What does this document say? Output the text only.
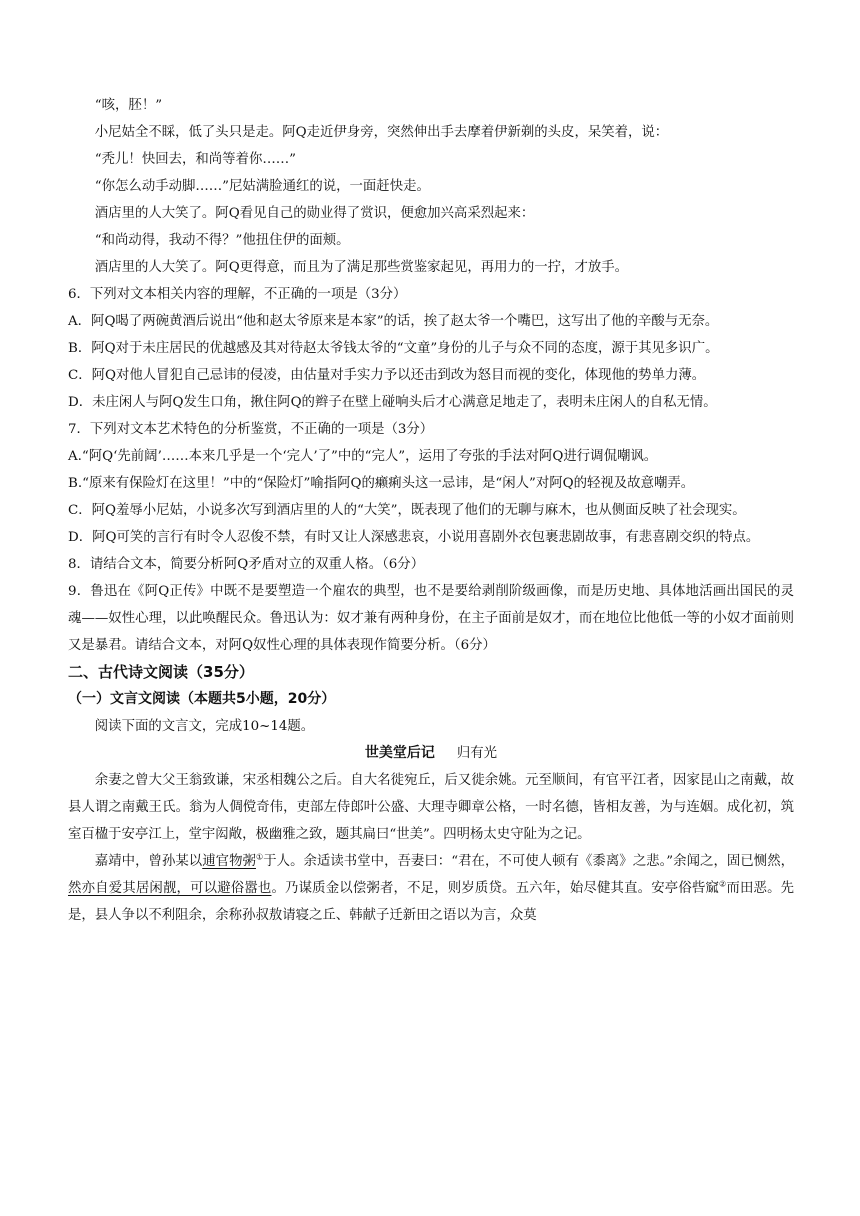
“咳，胚！”

小尼姑全不睬，低了头只是走。阿Q走近伊身旁，突然伸出手去摩着伊新剃的头皮，呆笑着，说：

“秃儿！快回去，和尚等着你……”

“你怎么动手动脚……”尼姑满脸通红的说，一面赶快走。

酒店里的人大笑了。阿Q看见自己的勋业得了赏识，便愈加兴高采烈起来：

“和尚动得，我动不得？”他扭住伊的面颊。

酒店里的人大笑了。阿Q更得意，而且为了满足那些赏鉴家起见，再用力的一拧，才放手。

6．下列对文本相关内容的理解，不正确的一项是（3分）

A．阿Q喝了两碗黄酒后说出“他和赵太爷原来是本家”的话，挨了赵太爷一个嘴巴，这写出了他的辛酸与无奈。

B．阿Q对于未庄居民的优越感及其对待赵太爷钱太爷的“文童”身份的儿子与众不同的态度，源于其见多识广。

C．阿Q对他人冒犯自己忌讳的侵凌，由估量对手实力予以还击到改为怒目而视的变化，体现他的势单力薄。

D．未庄闲人与阿Q发生口角，揪住阿Q的辫子在壁上碰响头后才心满意足地走了，表明未庄闲人的自私无情。

7．下列对文本艺术特色的分析鉴赏，不正确的一项是（3分）

A.“阿Q‘先前阔’……本来几乎是一个‘完人’了”中的“完人”，运用了夸张的手法对阿Q进行调侃嘲讽。

B.“原来有保险灯在这里！”中的“保险灯”喻指阿Q的癞痢头这一忌讳，是“闲人”对阿Q的轻视及故意嘲弄。

C．阿Q羞辱小尼姑，小说多次写到酒店里的人的“大笑”，既表现了他们的无聊与麻木，也从侧面反映了社会现实。

D．阿Q可笑的言行有时令人忍俊不禁，有时又让人深感悲哀，小说用喜剧外衣包裹悲剧故事，有悲喜剧交织的特点。

8．请结合文本，简要分析阿Q矛盾对立的双重人格。（6分）

9．鲁迅在《阿Q正传》中既不是要塑造一个雇农的典型，也不是要给剥削阶级画像，而是历史地、具体地活画出国民的灵魂——奴性心理，以此唤醒民众。鲁迅认为：奴才兼有两种身份，在主子面前是奴才，而在地位比他低一等的小奴才面前则又是暴君。请结合文本，对阿Q奴性心理的具体表现作简要分析。（6分）

二、古代诗文阅读（35分）

（一）文言文阅读（本题共5小题，20分）

阅读下面的文言文，完成10~14题。

世美堂后记 归有光

余妻之曾大父王翁致谦，宋丞相魏公之后。自大名徙宛丘，后又徙余姚。元至顺间，有官平江者，因家昆山之南戴，故县人谓之南戴王氏。翁为人倜傥奇伟，吏部左侍郎叶公盛、大理寺卿章公格，一时名德，皆相友善，为与连姻。成化初，筑室百楹于安亭江上，堂宇闳敞，极幽雅之致，题其扁曰“世美”。四明杨太史守阯为之记。

嘉靖中，曾孙某以逋官物粥①于人。余适读书堂中，吾妻曰：“君在，不可使人顿有《黍离》之悲。”余闻之，固已恻然，然亦自爱其居闲靓，可以避俗嚣也。乃谋质金以偿粥者，不足，则岁质贷。五六年，始尽健其直。安亭俗呰窳②而田恶。先是，县人争以不利阻余，余称孙叔敖请寝之丘、韩献子迁新田之语以为言，众莫
